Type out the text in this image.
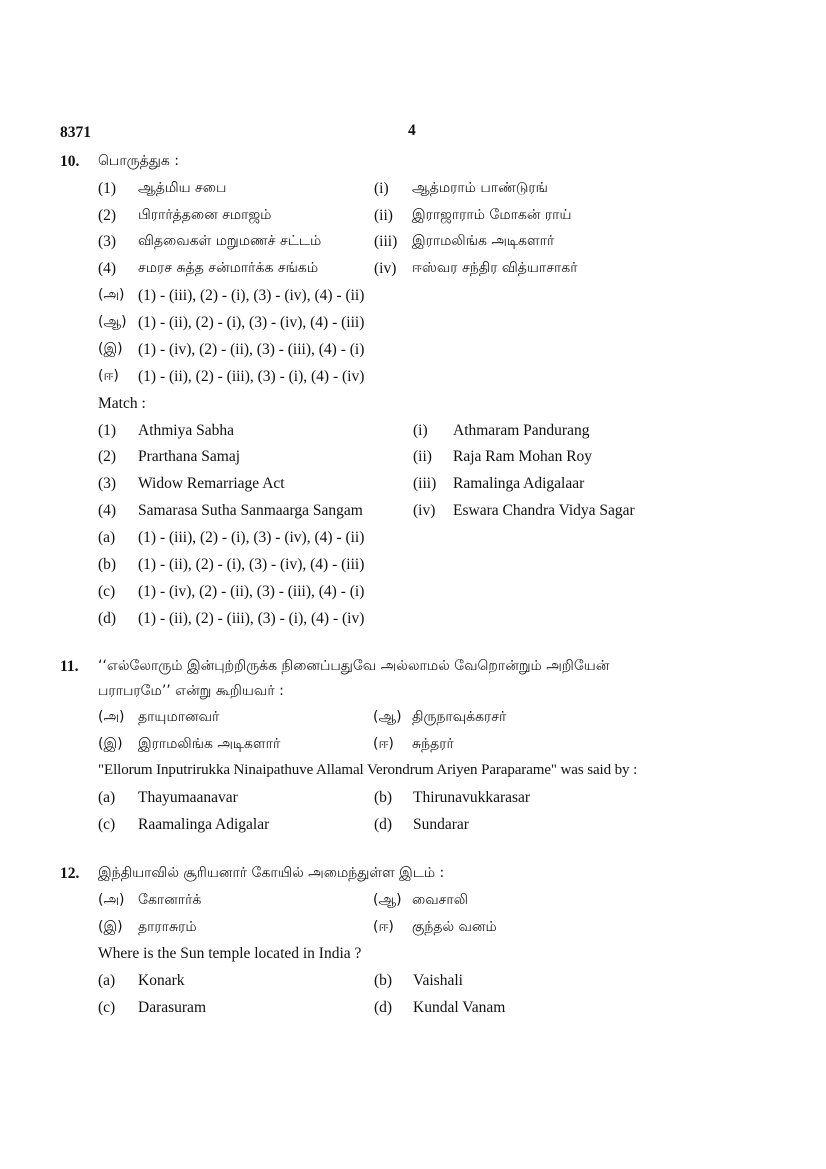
8371	4
10. பொருத்துக :
(1) ஆத்மிய சபை	(i) ஆத்மராம் பாண்டுரங்
(2) பிரார்த்தனை சமாஜம்	(ii) இராஜாராம் மோகன் ராய்
(3) விதவைகள் மறுமணச் சட்டம்	(iii) இராமலிங்க அடிகளார்
(4) சமரச சுத்த சன்மார்க்க சங்கம்	(iv) ஈஸ்வர சந்திர வித்யாசாகர்
(அ) (1) - (iii), (2) - (i), (3) - (iv), (4) - (ii)
(ஆ) (1) - (ii), (2) - (i), (3) - (iv), (4) - (iii)
(இ) (1) - (iv), (2) - (ii), (3) - (iii), (4) - (i)
(ஈ) (1) - (ii), (2) - (iii), (3) - (i), (4) - (iv)
Match :
(1) Athmiya Sabha	(i) Athmaram Pandurang
(2) Prarthana Samaj	(ii) Raja Ram Mohan Roy
(3) Widow Remarriage Act	(iii) Ramalinga Adigalaar
(4) Samarasa Sutha Sanmaarga Sangam	(iv) Eswara Chandra Vidya Sagar
(a) (1) - (iii), (2) - (i), (3) - (iv), (4) - (ii)
(b) (1) - (ii), (2) - (i), (3) - (iv), (4) - (iii)
(c) (1) - (iv), (2) - (ii), (3) - (iii), (4) - (i)
(d) (1) - (ii), (2) - (iii), (3) - (i), (4) - (iv)
11. ‘‘எல்லோரும் இன்புற்றிருக்க நினைப்பதுவே அல்லாமல் வேறொன்றும் அறியேன்
பராபரமே’’ என்று கூறியவர் :
(அ) தாயுமானவர்	(ஆ) திருநாவுக்கரசர்
(இ) இராமலிங்க அடிகளார்	(ஈ) சுந்தரர்
"Ellorum Inputrirukka Ninaipathuve Allamal Verondrum Ariyen Paraparame" was said by :
(a) Thayumaanavar	(b) Thirunavukkarasar
(c) Raamalinga Adigalar	(d) Sundarar
12. இந்தியாவில் சூரியனார் கோயில் அமைந்துள்ள இடம் :
(அ) கோனார்க்	(ஆ) வைசாலி
(இ) தாராசுரம்	(ஈ) குந்தல் வனம்
Where is the Sun temple located in India ?
(a) Konark	(b) Vaishali
(c) Darasuram	(d) Kundal Vanam
